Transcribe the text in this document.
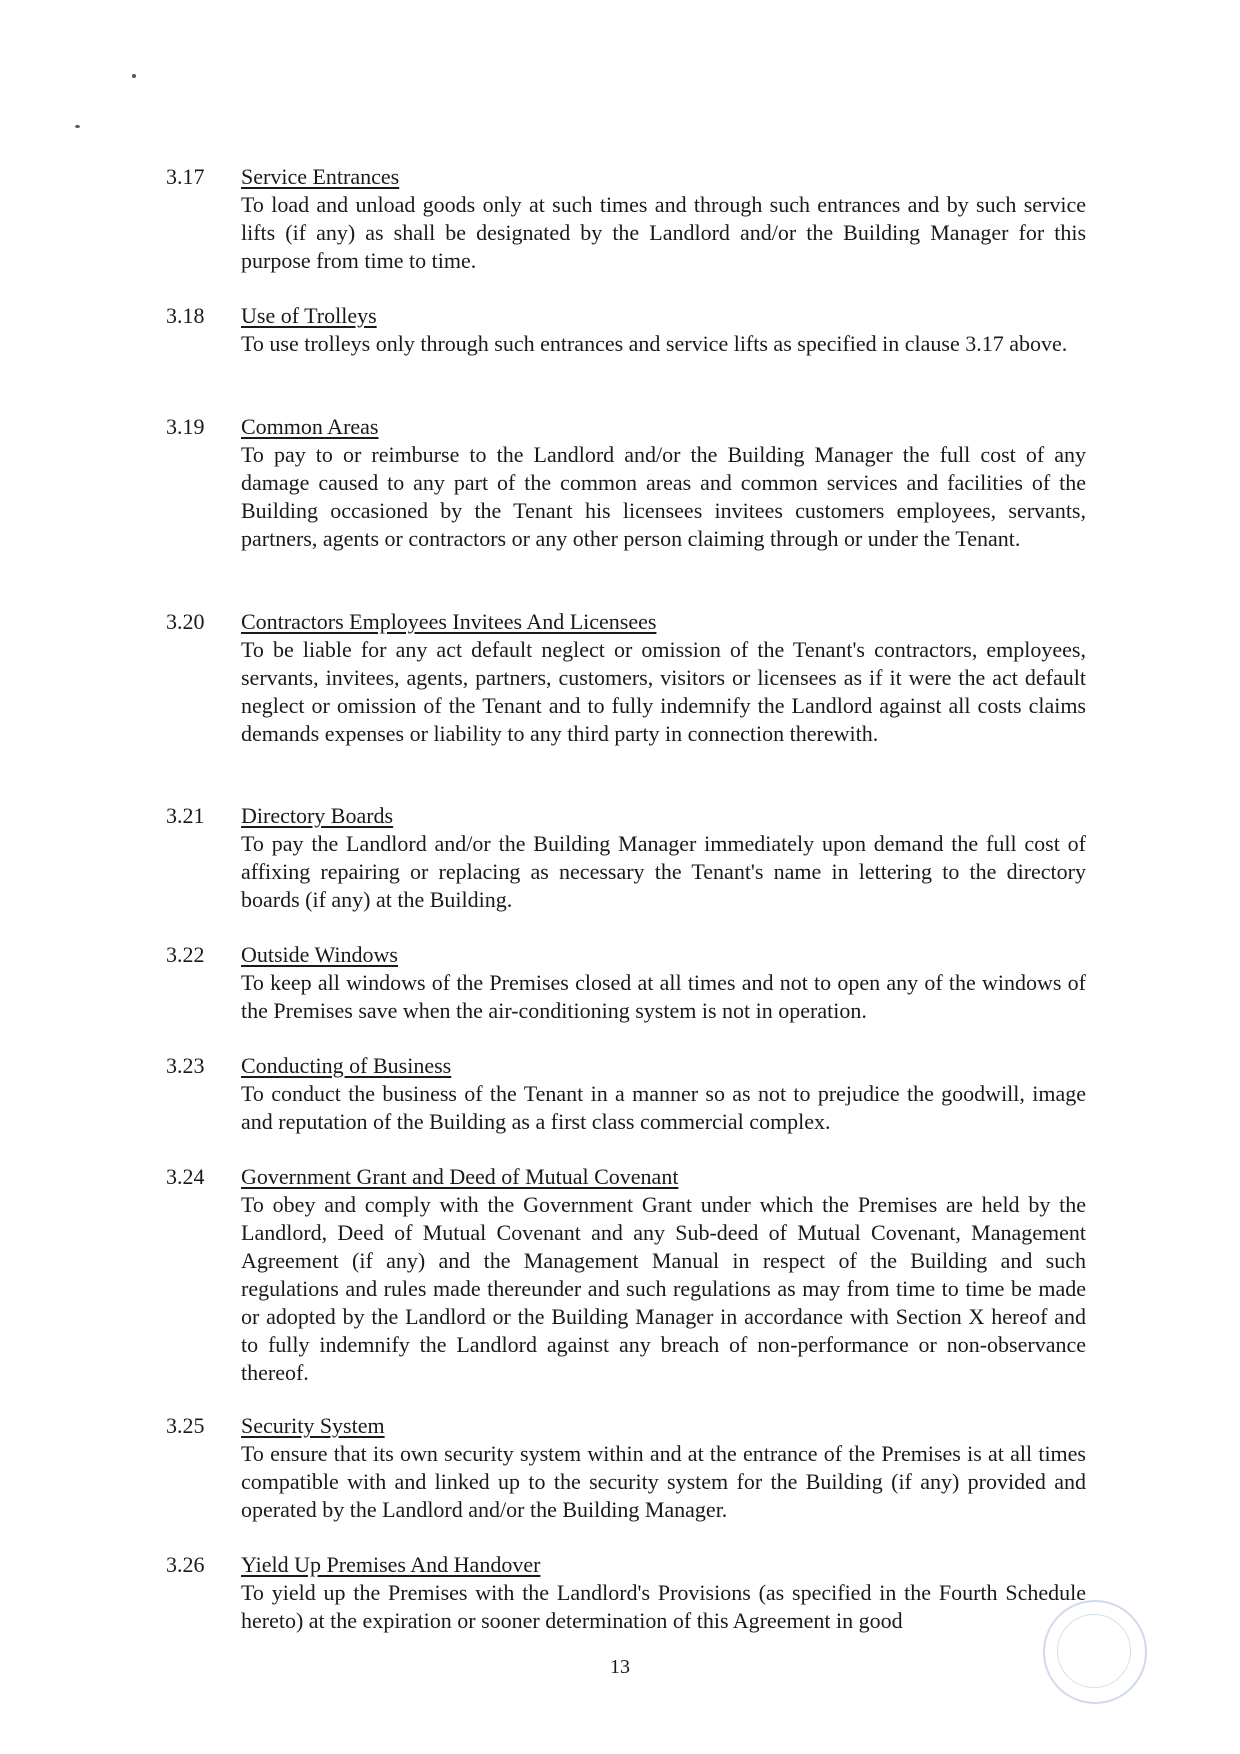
3.17 Service Entrances
To load and unload goods only at such times and through such entrances and by such service lifts (if any) as shall be designated by the Landlord and/or the Building Manager for this purpose from time to time.
3.18 Use of Trolleys
To use trolleys only through such entrances and service lifts as specified in clause 3.17 above.
3.19 Common Areas
To pay to or reimburse to the Landlord and/or the Building Manager the full cost of any damage caused to any part of the common areas and common services and facilities of the Building occasioned by the Tenant his licensees invitees customers employees, servants, partners, agents or contractors or any other person claiming through or under the Tenant.
3.20 Contractors Employees Invitees And Licensees
To be liable for any act default neglect or omission of the Tenant's contractors, employees, servants, invitees, agents, partners, customers, visitors or licensees as if it were the act default neglect or omission of the Tenant and to fully indemnify the Landlord against all costs claims demands expenses or liability to any third party in connection therewith.
3.21 Directory Boards
To pay the Landlord and/or the Building Manager immediately upon demand the full cost of affixing repairing or replacing as necessary the Tenant's name in lettering to the directory boards (if any) at the Building.
3.22 Outside Windows
To keep all windows of the Premises closed at all times and not to open any of the windows of the Premises save when the air-conditioning system is not in operation.
3.23 Conducting of Business
To conduct the business of the Tenant in a manner so as not to prejudice the goodwill, image and reputation of the Building as a first class commercial complex.
3.24 Government Grant and Deed of Mutual Covenant
To obey and comply with the Government Grant under which the Premises are held by the Landlord, Deed of Mutual Covenant and any Sub-deed of Mutual Covenant, Management Agreement (if any) and the Management Manual in respect of the Building and such regulations and rules made thereunder and such regulations as may from time to time be made or adopted by the Landlord or the Building Manager in accordance with Section X hereof and to fully indemnify the Landlord against any breach of non-performance or non-observance thereof.
3.25 Security System
To ensure that its own security system within and at the entrance of the Premises is at all times compatible with and linked up to the security system for the Building (if any) provided and operated by the Landlord and/or the Building Manager.
3.26 Yield Up Premises And Handover
To yield up the Premises with the Landlord's Provisions (as specified in the Fourth Schedule hereto) at the expiration or sooner determination of this Agreement in good
13
